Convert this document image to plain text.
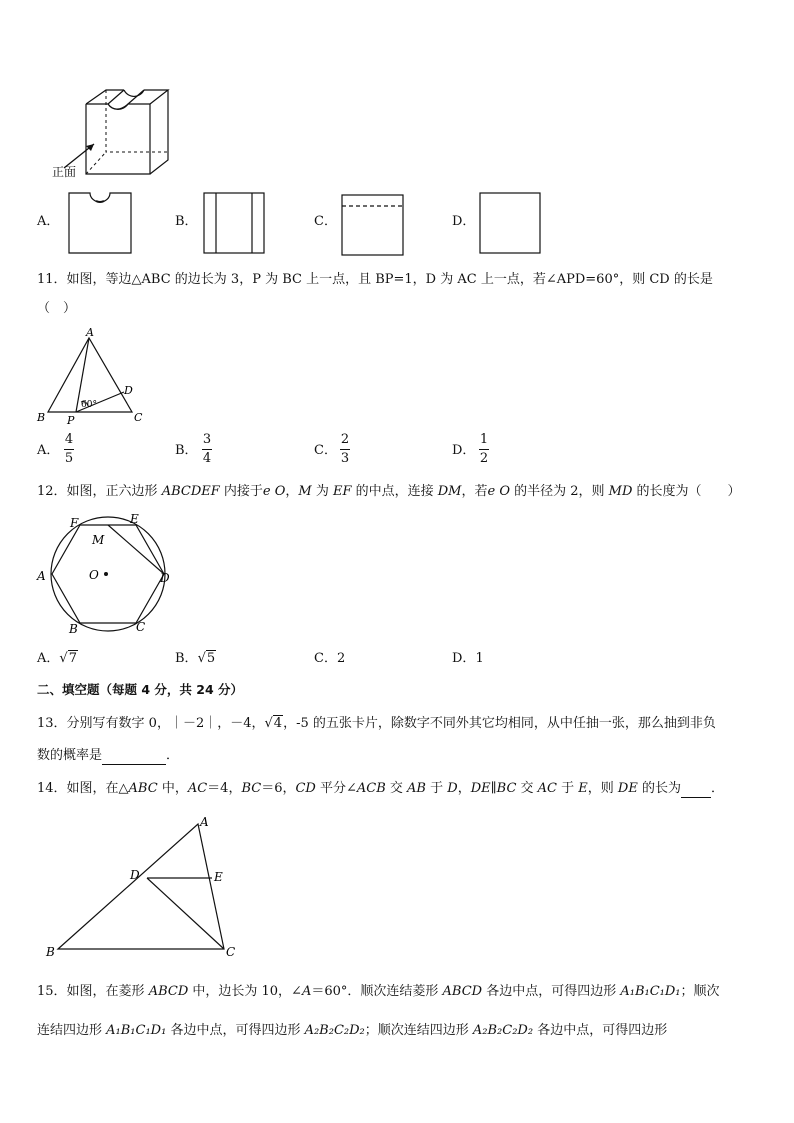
正面
A．	B．	C．	D．
11．如图，等边△ABC 的边长为 3，P 为 BC 上一点，且 BP=1，D 为 AC 上一点，若∠APD=60°，则 CD 的长是
（　）
A
B	C
D
P
60°
A．
4
5
B．
3
4
C．
2
3
D．
1
2
12．如图，正六边形 ABCDEF 内接于e O，M 为 EF 的中点，连接 DM，若e O 的半径为 2，则 MD 的长度为（　　）
F	E
M
A	O	D
B	C
A．√7	B．√5	C．2	D．1
二、填空题（每题 4 分，共 24 分）
13．分别写有数字 0，｜－2｜，－4，√4，-5 的五张卡片，除数字不同外其它均相同，从中任抽一张，那么抽到非负
数的概率是	．
14．如图，在△ABC 中，AC＝4，BC＝6，CD 平分∠ACB 交 AB 于 D，DE∥BC 交 AC 于 E，则 DE 的长为 ．
A
B	C
D	E
15．如图，在菱形 ABCD 中，边长为 10，∠A＝60°．顺次连结菱形 ABCD 各边中点，可得四边形 A₁B₁C₁D₁；顺次
连结四边形 A₁B₁C₁D₁ 各边中点，可得四边形 A₂B₂C₂D₂；顺次连结四边形 A₂B₂C₂D₂ 各边中点，可得四边形
